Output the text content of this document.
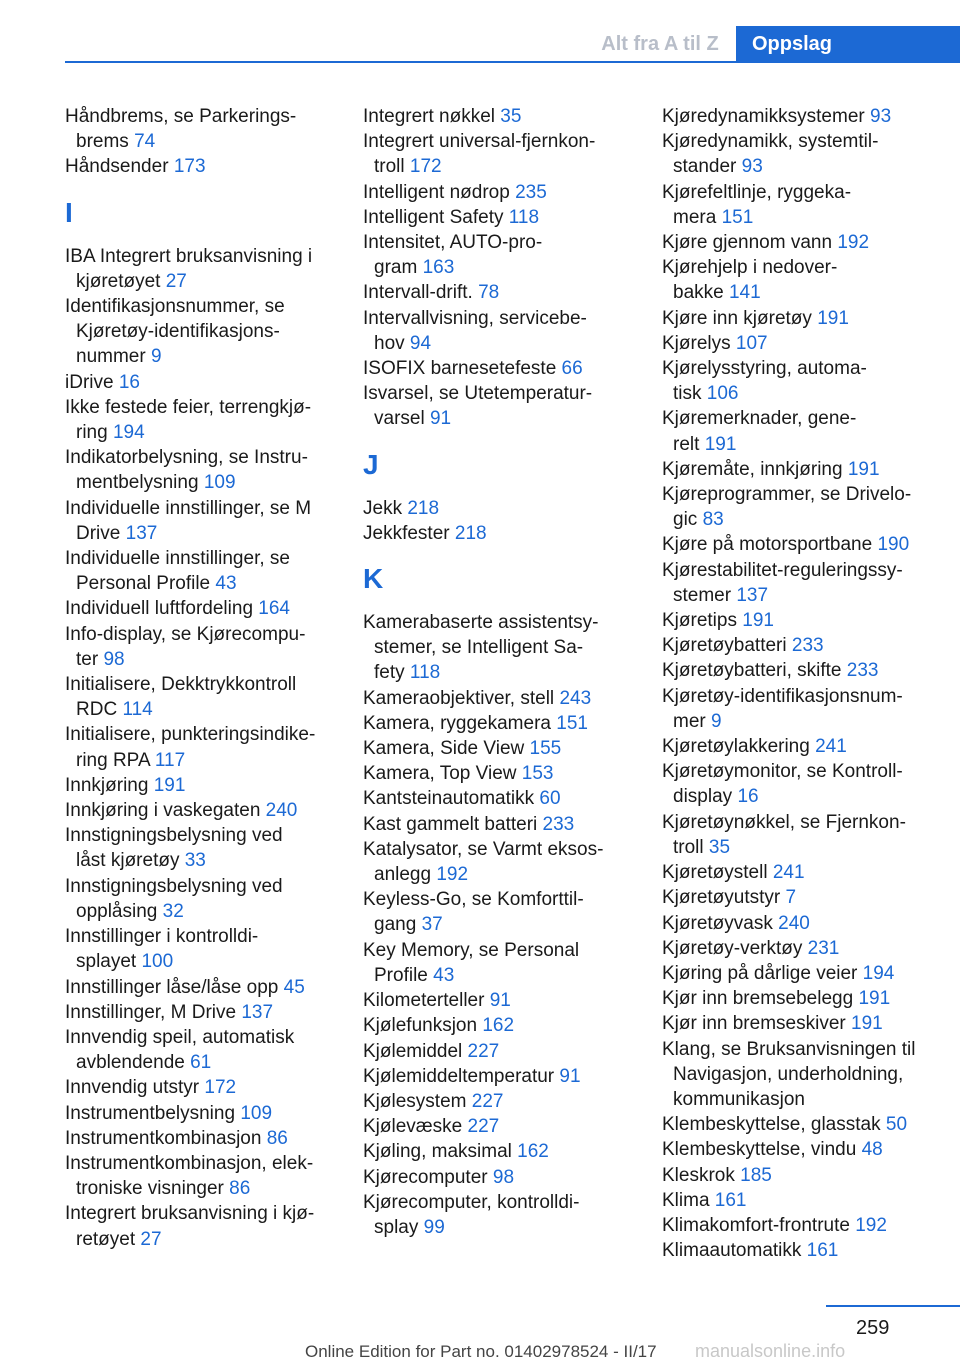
Alt fra A til Z	Oppslag
Håndbrems, se Parkerings‐
brems 74
Håndsender 173
I
IBA Integrert bruksanvisning i
kjøretøyet 27
Identifikasjonsnummer, se
Kjøretøy-identifikasjons‐
nummer 9
iDrive 16
Ikke festede feier, terrengkjø‐
ring 194
Indikatorbelysning, se Instru‐
mentbelysning 109
Individuelle innstillinger, se M
Drive 137
Individuelle innstillinger, se
Personal Profile 43
Individuell luftfordeling 164
Info-display, se Kjørecompu‐
ter 98
Initialisere, Dekktrykkontroll
RDC 114
Initialisere, punkteringsindike‐
ring RPA 117
Innkjøring 191
Innkjøring i vaskegaten 240
Innstigningsbelysning ved
låst kjøretøy 33
Innstigningsbelysning ved
opplåsing 32
Innstillinger i kontrolldi‐
splayet 100
Innstillinger låse/låse opp 45
Innstillinger, M Drive 137
Innvendig speil, automatisk
avblendende 61
Innvendig utstyr 172
Instrumentbelysning 109
Instrumentkombinasjon 86
Instrumentkombinasjon, elek‐
troniske visninger 86
Integrert bruksanvisning i kjø‐
retøyet 27
Integrert nøkkel 35
Integrert universal-fjernkon‐
troll 172
Intelligent nødrop 235
Intelligent Safety 118
Intensitet, AUTO-pro‐
gram 163
Intervall-drift. 78
Intervallvisning, servicebe‐
hov 94
ISOFIX barnesetefeste 66
Isvarsel, se Utetemperatur‐
varsel 91
J
Jekk 218
Jekkfester 218
K
Kamerabaserte assistentsy‐
stemer, se Intelligent Sa‐
fety 118
Kameraobjektiver, stell 243
Kamera, ryggekamera 151
Kamera, Side View 155
Kamera, Top View 153
Kantsteinautomatikk 60
Kast gammelt batteri 233
Katalysator, se Varmt eksos‐
anlegg 192
Keyless-Go, se Komforttil‐
gang 37
Key Memory, se Personal
Profile 43
Kilometerteller 91
Kjølefunksjon 162
Kjølemiddel 227
Kjølemiddeltemperatur 91
Kjølesystem 227
Kjølevæske 227
Kjøling, maksimal 162
Kjørecomputer 98
Kjørecomputer, kontrolldi‐
splay 99
Kjøredynamikksystemer 93
Kjøredynamikk, systemtil‐
stander 93
Kjørefeltlinje, ryggeka‐
mera 151
Kjøre gjennom vann 192
Kjørehjelp i nedover‐
bakke 141
Kjøre inn kjøretøy 191
Kjørelys 107
Kjørelysstyring, automa‐
tisk 106
Kjøremerknader, gene‐
relt 191
Kjøremåte, innkjøring 191
Kjøreprogrammer, se Drivelo‐
gic 83
Kjøre på motorsportbane 190
Kjørestabilitet-reguleringssy‐
stemer 137
Kjøretips 191
Kjøretøybatteri 233
Kjøretøybatteri, skifte 233
Kjøretøy-identifikasjonsnum‐
mer 9
Kjøretøylakkering 241
Kjøretøymonitor, se Kontroll‐
display 16
Kjøretøynøkkel, se Fjernkon‐
troll 35
Kjøretøystell 241
Kjøretøyutstyr 7
Kjøretøyvask 240
Kjøretøy-verktøy 231
Kjøring på dårlige veier 194
Kjør inn bremsebelegg 191
Kjør inn bremseskiver 191
Klang, se Bruksanvisningen til
Navigasjon, underholdning,
kommunikasjon
Klembeskyttelse, glasstak 50
Klembeskyttelse, vindu 48
Kleskrok 185
Klima 161
Klimakomfort-frontrute 192
Klimaautomatikk 161
259
Online Edition for Part no. 01402978524 - II/17 manualsonline.info
